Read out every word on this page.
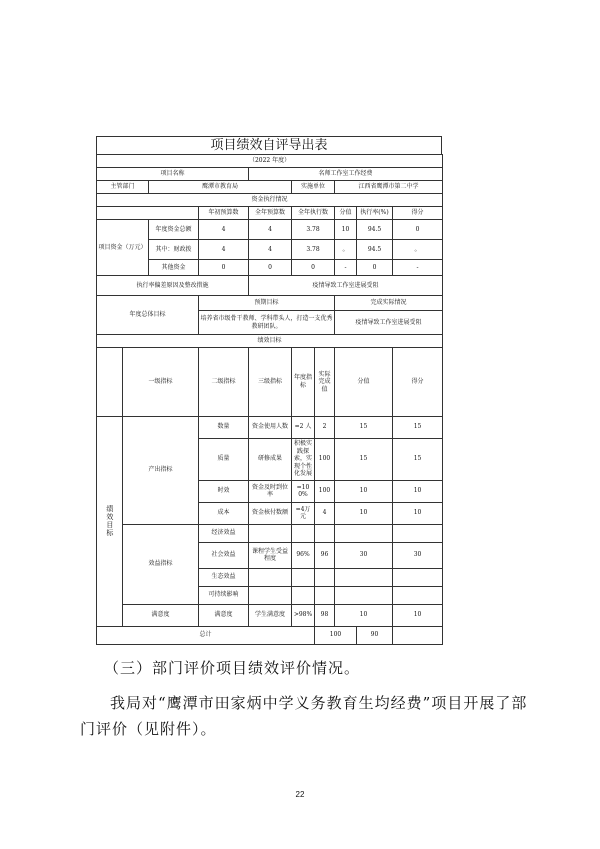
项目绩效自评导出表
（2022 年度）										
项目名称				名师工作室工作经费						
主管部门		鹰潭市教育局			实施单位		江西省鹰潭市第二中学			
资金执行情况										
			年初预算数	全年预算数	全年执行数		分值	执行率(%)	得分	
项目资金（万元）		年度资金总额	4	4	3.78		10	94.5	0	
		其中：财政拨	4	4	3.78		。	94.5	。	
		其他资金	0	0	0		-	0	-	
执行率偏差原因及整改措施				疫情导致工作室进展受阻						
年度总体目标			预期目标				完成实际情况			
			培养省市级骨干教师、学科带头人，打造一支优秀教研团队。				疫情导致工作室进展受阻			
绩效目标										
	一级指标		二级指标	三级指标	年度指标	实际完成值	分值		得分	

绩效目标	产出指标		数量	资金使用人数	=2 人	2	15		15	
			质量	研修成果	积极实践探索，实现个性化发展	100	15		15	
			时效	资金及时到位率	=100%	100	10		10	
			成本	资金核付数额	=4万元	4	10		10	
	效益指标		经济效益							
			社会效益	课程学生受益程度	96%	96	30		30	
			生态效益							
			可持续影响							
	满意度		满意度	学生满意度	>98%	98	10		10	
总计						100		90		
（三）部门评价项目绩效评价情况。
我局对“鹰潭市田家炳中学义务教育生均经费”项目开展了部门评价（见附件）。
22
